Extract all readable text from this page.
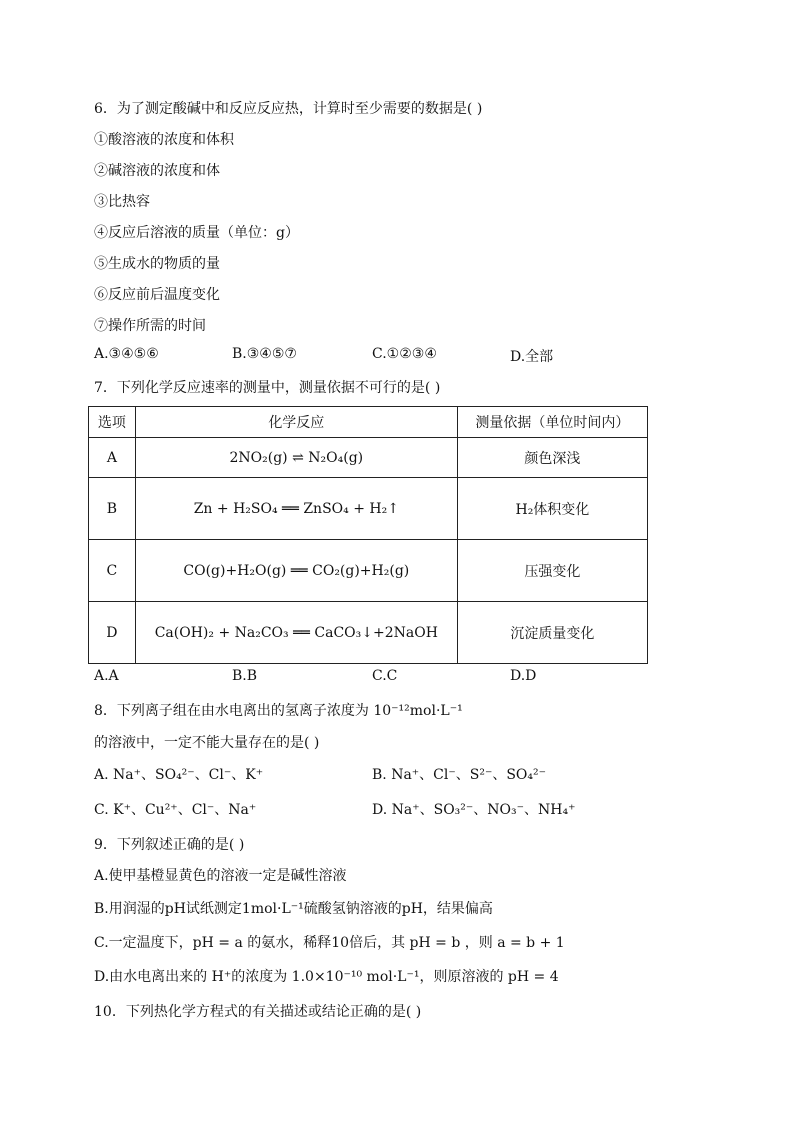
6．为了测定酸碱中和反应反应热，计算时至少需要的数据是( )
①酸溶液的浓度和体积
②碱溶液的浓度和体
③比热容
④反应后溶液的质量（单位：g）
⑤生成水的物质的量
⑥反应前后温度变化
⑦操作所需的时间
A.③④⑤⑥	B.③④⑤⑦	C.①②③④	D.全部
7．下列化学反应速率的测量中，测量依据不可行的是( )
选项	化学反应	测量依据（单位时间内）
A	2NO₂(g) ⇌ N₂O₄(g)	颜色深浅
B	Zn + H₂SO₄ ══ ZnSO₄ + H₂↑	H₂体积变化
C	CO(g)+H₂O(g) ══ CO₂(g)+H₂(g)	压强变化
D	Ca(OH)₂ + Na₂CO₃ ══ CaCO₃↓+2NaOH	沉淀质量变化
A.A	B.B	C.C	D.D
8．下列离子组在由水电离出的氢离子浓度为 10⁻¹²mol·L⁻¹
的溶液中，一定不能大量存在的是( )
A. Na⁺、SO₄²⁻、Cl⁻、K⁺	B. Na⁺、Cl⁻、S²⁻、SO₄²⁻
C. K⁺、Cu²⁺、Cl⁻、Na⁺	D. Na⁺、SO₃²⁻、NO₃⁻、NH₄⁺
9．下列叙述正确的是( )
A.使甲基橙显黄色的溶液一定是碱性溶液
B.用润湿的pH试纸测定1mol·L⁻¹硫酸氢钠溶液的pH，结果偏高
C.一定温度下，pH = a 的氨水，稀释10倍后，其 pH = b ，则 a = b + 1
D.由水电离出来的 H⁺的浓度为 1.0×10⁻¹⁰ mol·L⁻¹，则原溶液的 pH = 4
10．下列热化学方程式的有关描述或结论正确的是( )
